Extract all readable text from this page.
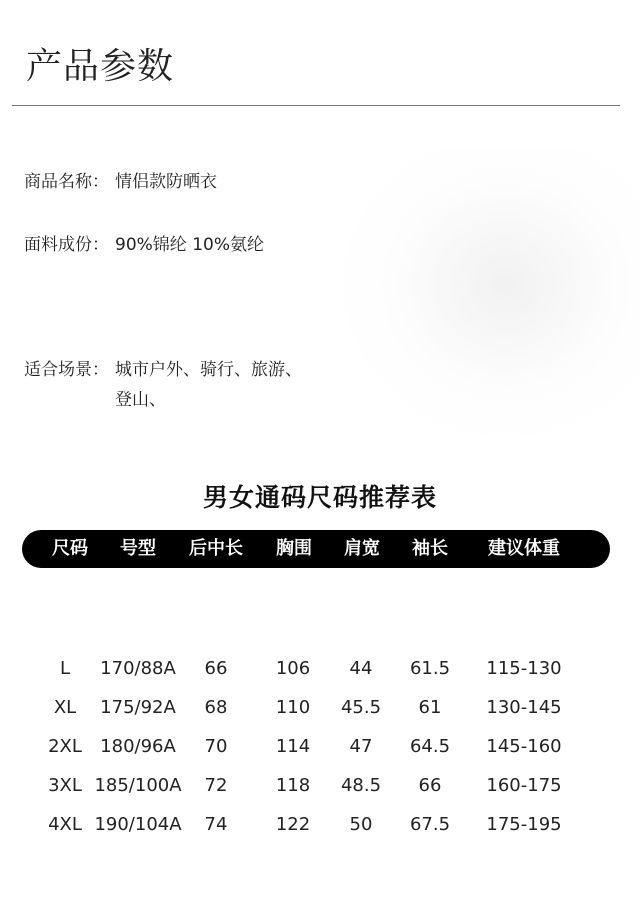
产品参数
商品名称： 情侣款防晒衣
面料成份： 90%锦纶 10%氨纶
适合场景： 城市户外、骑行、旅游、
登山、
男女通码尺码推荐表
尺码 号型 后中长 胸围 肩宽 袖长 建议体重
L 170/88A 66	106 44 61.5 115-130
XL 175/92A 68	110 45.5 61 130-145
2XL 180/96A 70	114 47 64.5 145-160
3XL 185/100A 72	118 48.5 66 160-175
4XL 190/104A 74	122 50 67.5 175-195
